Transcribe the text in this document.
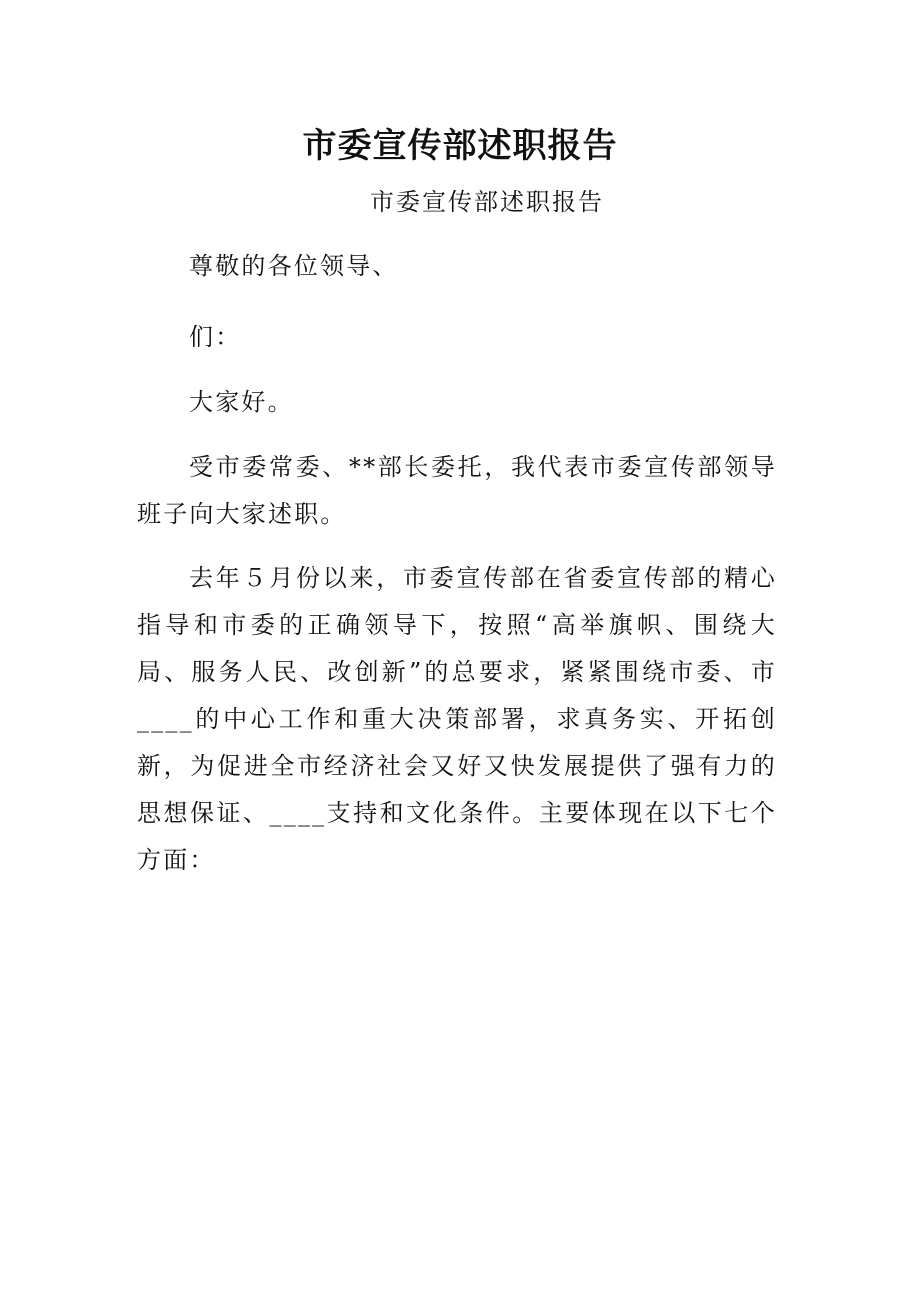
市委宣传部述职报告
市委宣传部述职报告
尊敬的各位领导、
们：
大家好。
受市委常委、**部长委托，我代表市委宣传部领导班子向大家述职。
去年５月份以来，市委宣传部在省委宣传部的精心指导和市委的正确领导下，按照“高举旗帜、围绕大局、服务人民、改创新”的总要求，紧紧围绕市委、市____的中心工作和重大决策部署，求真务实、开拓创新，为促进全市经济社会又好又快发展提供了强有力的思想保证、____支持和文化条件。主要体现在以下七个方面：
